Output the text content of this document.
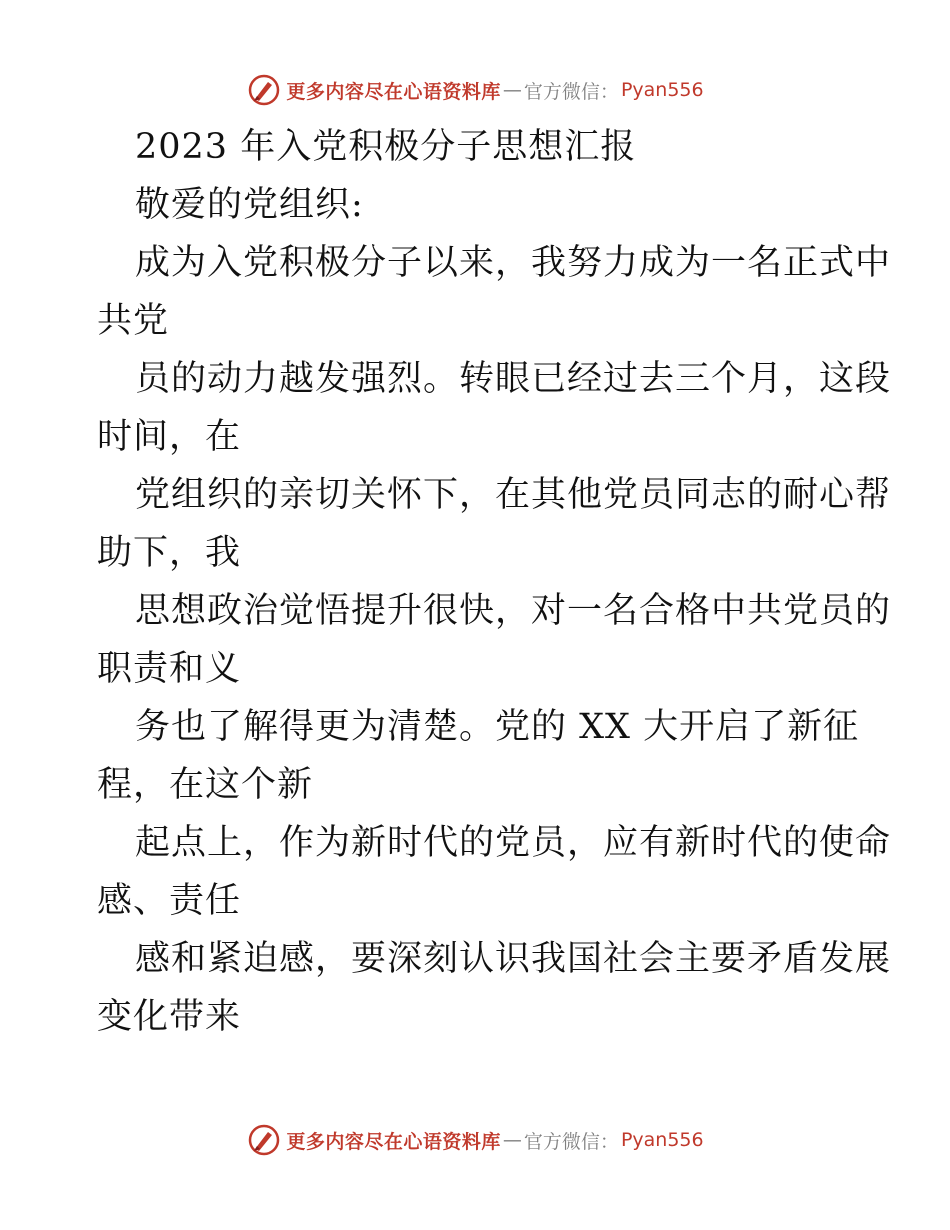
更多内容尽在心语资料库 — 官方微信： Pyan556
2023 年入党积极分子思想汇报
敬爱的党组织:
成为入党积极分子以来，我努力成为一名正式中
共党
员的动力越发强烈。转眼已经过去三个月，这段
时间，在
党组织的亲切关怀下，在其他党员同志的耐心帮
助下，我
思想政治觉悟提升很快，对一名合格中共党员的
职责和义
务也了解得更为清楚。党的 XX 大开启了新征
程，在这个新
起点上，作为新时代的党员，应有新时代的使命
感、责任
感和紧迫感，要深刻认识我国社会主要矛盾发展
变化带来
更多内容尽在心语资料库 — 官方微信： Pyan556
